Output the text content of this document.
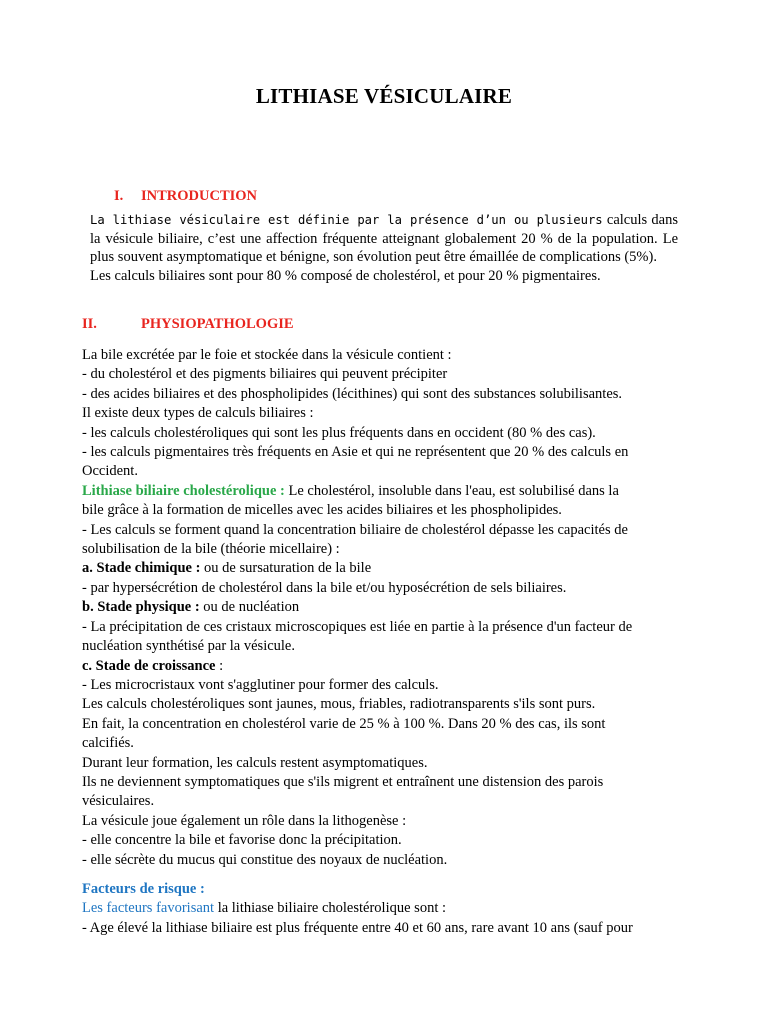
LITHIASE VÉSICULAIRE
I. INTRODUCTION

La lithiase vésiculaire est définie par la présence d’un ou plusieurs calculs dans la vésicule biliaire, c’est une affection fréquente atteignant globalement 20 % de la population. Le plus souvent asymptomatique et bénigne, son évolution peut être émaillée de complications (5%).

Les calculs biliaires sont pour 80 % composé de cholestérol, et pour 20 % pigmentaires.

II.	PHYSIOPATHOLOGIE

La bile excrétée par le foie et stockée dans la vésicule contient :

- du cholestérol et des pigments biliaires qui peuvent précipiter

- des acides biliaires et des phospholipides (lécithines) qui sont des substances solubilisantes.

Il existe deux types de calculs biliaires :

- les calculs cholestéroliques qui sont les plus fréquents dans en occident (80 % des cas).

- les calculs pigmentaires très fréquents en Asie et qui ne représentent que 20 % des calculs en

Occident.

Lithiase biliaire cholestérolique : Le cholestérol, insoluble dans l'eau, est solubilisé dans la

bile grâce à la formation de micelles avec les acides biliaires et les phospholipides.

- Les calculs se forment quand la concentration biliaire de cholestérol dépasse les capacités de

solubilisation de la bile (théorie micellaire) :

a. Stade chimique : ou de sursaturation de la bile

- par hypersécrétion de cholestérol dans la bile et/ou hyposécrétion de sels biliaires.

b. Stade physique : ou de nucléation

- La précipitation de ces cristaux microscopiques est liée en partie à la présence d'un facteur de

nucléation synthétisé par la vésicule.

c. Stade de croissance :

- Les microcristaux vont s'agglutiner pour former des calculs.

Les calculs cholestéroliques sont jaunes, mous, friables, radiotransparents s'ils sont purs.

En fait, la concentration en cholestérol varie de 25 % à 100 %. Dans 20 % des cas, ils sont

calcifiés.

Durant leur formation, les calculs restent asymptomatiques.

Ils ne deviennent symptomatiques que s'ils migrent et entraînent une distension des parois

vésiculaires.

La vésicule joue également un rôle dans la lithogenèse :

- elle concentre la bile et favorise donc la précipitation.

- elle sécrète du mucus qui constitue des noyaux de nucléation.

Facteurs de risque :

Les facteurs favorisant la lithiase biliaire cholestérolique sont :

- Age élevé la lithiase biliaire est plus fréquente entre 40 et 60 ans, rare avant 10 ans (sauf pour
